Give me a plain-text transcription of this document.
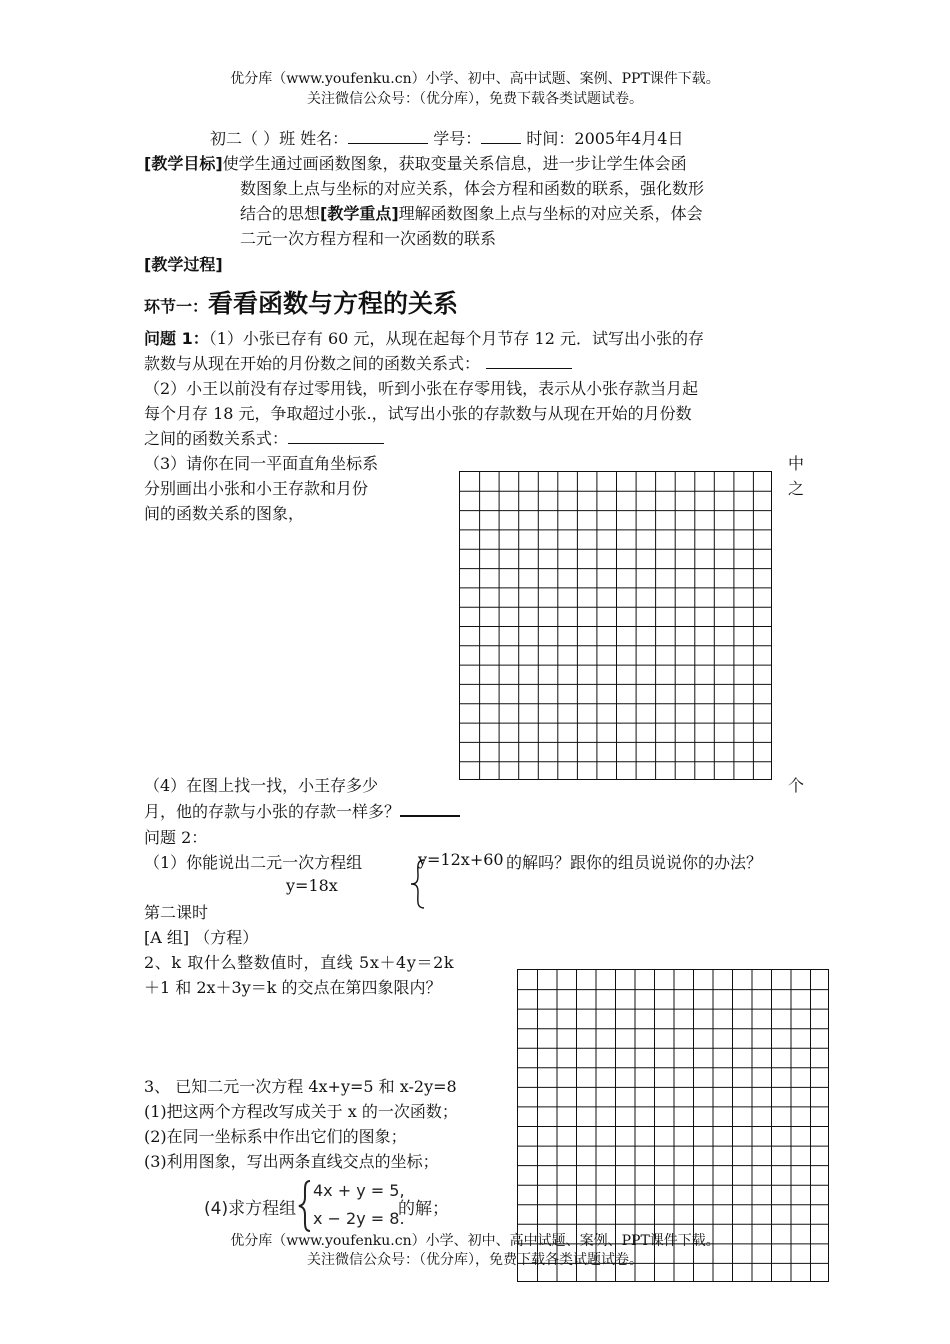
优分库（www.youfenku.cn）小学、初中、高中试题、案例、PPT课件下载。
关注微信公众号：（优分库），免费下载各类试题试卷。
初二（ ）班 姓名：	学号：	时间：2005年4月4日
[教学目标]使学生通过画函数图象，获取变量关系信息，进一步让学生体会函
数图象上点与坐标的对应关系，体会方程和函数的联系，强化数形
结合的思想[教学重点]理解函数图象上点与坐标的对应关系，体会
二元一次方程方程和一次函数的联系
[教学过程]
环节一：看看函数与方程的关系
问题 1：（1）小张已存有 60 元，从现在起每个月节存 12 元．试写出小张的存
款数与从现在开始的月份数之间的函数关系式：
（2）小王以前没有存过零用钱，听到小张在存零用钱，表示从小张存款当月起
每个月存 18 元，争取超过小张.，试写出小张的存款数与从现在开始的月份数
之间的函数关系式：
（3）请你在同一平面直角坐标系	中
分别画出小张和小王存款和月份	之
间的函数关系的图象，
（4）在图上找一找，小王存多少	个
月，他的存款与小张的存款一样多？
问题 2：
（1）你能说出二元一次方程组	y=12x+60 的解吗？跟你的组员说说你的办法？
y=18x
第二课时
[A 组] （方程）
2、k 取什么整数值时，直线 5x＋4y＝2k
＋1 和 2x＋3y＝k 的交点在第四象限内？
3、 已知二元一次方程 4x+y=5 和 x-2y=8
(1)把这两个方程改写成关于 x 的一次函数；
(2)在同一坐标系中作出它们的图象；
(3)利用图象，写出两条直线交点的坐标；
(4)求方程组
4x + y = 5,
x − 2y = 8.
的解；
优分库（www.youfenku.cn）小学、初中、高中试题、案例、PPT课件下载。
关注微信公众号：（优分库），免费下载各类试题试卷。
